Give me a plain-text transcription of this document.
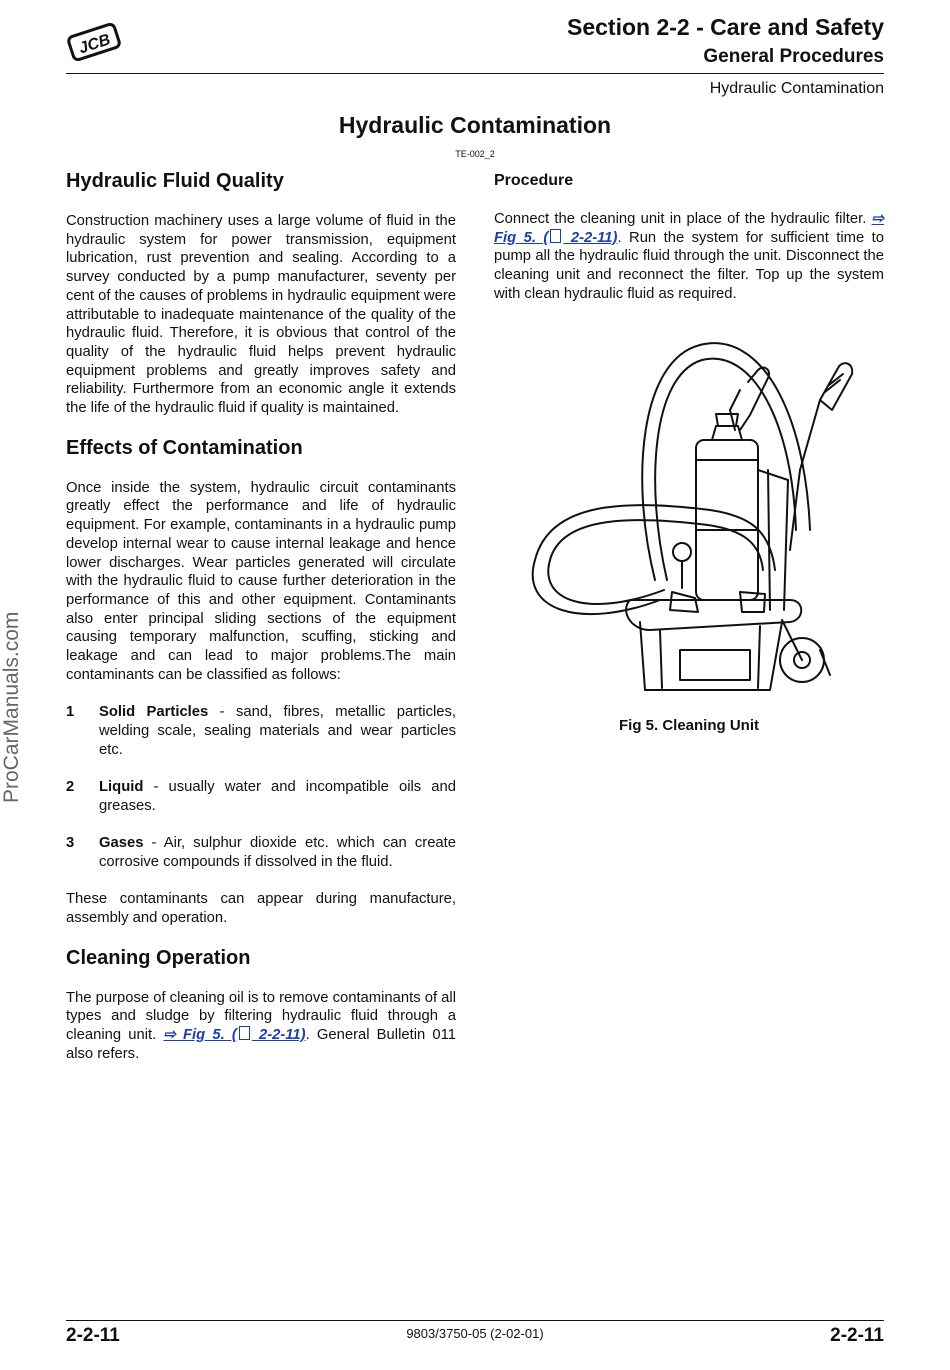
JCB
Section 2-2 - Care and Safety
General Procedures
Hydraulic Contamination
Hydraulic Contamination
TE-002_2
Hydraulic Fluid Quality

Construction machinery uses a large volume of fluid in the hydraulic system for power transmission, equipment lubrication, rust prevention and sealing. According to a survey conducted by a pump manufacturer, seventy per cent of the causes of problems in hydraulic equipment were attributable to inadequate maintenance of the quality of the hydraulic fluid. Therefore, it is obvious that control of the quality of the hydraulic fluid helps prevent hydraulic equipment problems and greatly improves safety and reliability. Furthermore from an economic angle it extends the life of the hydraulic fluid if quality is maintained.

Effects of Contamination

Once inside the system, hydraulic circuit contaminants greatly effect the performance and life of hydraulic equipment. For example, contaminants in a hydraulic pump develop internal wear to cause internal leakage and hence lower discharges. Wear particles generated will circulate with the hydraulic fluid to cause further deterioration in the performance of this and other equipment. Contaminants also enter principal sliding sections of the equipment causing temporary malfunction, scuffing, sticking and leakage and can lead to major problems.The main contaminants can be classified as follows:

1	Solid Particles - sand, fibres, metallic particles, welding scale, sealing materials and wear particles etc.
2	Liquid - usually water and incompatible oils and greases.
3	Gases - Air, sulphur dioxide etc. which can create corrosive compounds if dissolved in the fluid.

These contaminants can appear during manufacture, assembly and operation.

Cleaning Operation

The purpose of cleaning oil is to remove contaminants of all types and sludge by filtering hydraulic fluid through a cleaning unit. ⇨ Fig 5. ( 2-2-11). General Bulletin 011 also refers.

Procedure

Connect the cleaning unit in place of the hydraulic filter. ⇨ Fig 5. ( 2-2-11). Run the system for sufficient time to pump all the hydraulic fluid through the unit. Disconnect the cleaning unit and reconnect the filter. Top up the system with clean hydraulic fluid as required.

Fig 5. Cleaning Unit
ProCarManuals.com
2-2-11	9803/3750-05 (2-02-01)	2-2-11
